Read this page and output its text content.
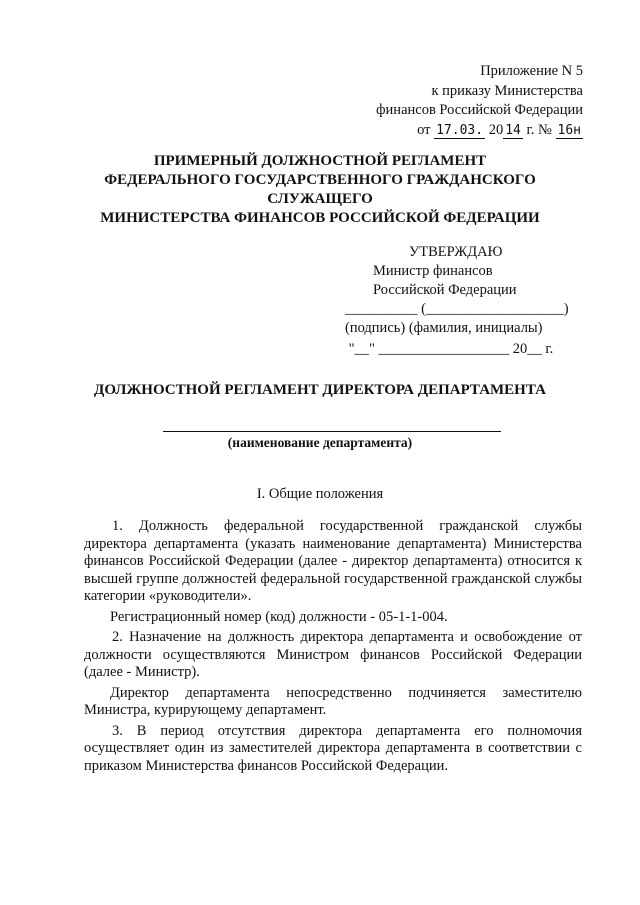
Приложение N 5
к приказу Министерства
финансов Российской Федерации
от 17.03. 20 14 г. № 16н
ПРИМЕРНЫЙ ДОЛЖНОСТНОЙ РЕГЛАМЕНТ
ФЕДЕРАЛЬНОГО ГОСУДАРСТВЕННОГО ГРАЖДАНСКОГО
СЛУЖАЩЕГО
МИНИСТЕРСТВА ФИНАНСОВ РОССИЙСКОЙ ФЕДЕРАЦИИ
УТВЕРЖДАЮ
Министр финансов
Российской Федерации
__________ (___________________)
(подпись) (фамилия, инициалы)
"__" __________________ 20__ г.
ДОЛЖНОСТНОЙ РЕГЛАМЕНТ ДИРЕКТОРА ДЕПАРТАМЕНТА
(наименование департамента)
I. Общие положения

1. Должность федеральной государственной гражданской службы директора департамента (указать наименование департамента) Министерства финансов Российской Федерации (далее - директор департамента) относится к высшей группе должностей федеральной государственной гражданской службы категории «руководители».

Регистрационный номер (код) должности - 05-1-1-004.

2. Назначение на должность директора департамента и освобождение от должности осуществляются Министром финансов Российской Федерации (далее - Министр).

Директор департамента непосредственно подчиняется заместителю Министра, курирующему департамент.

3. В период отсутствия директора департамента его полномочия осуществляет один из заместителей директора департамента в соответствии с приказом Министерства финансов Российской Федерации.
